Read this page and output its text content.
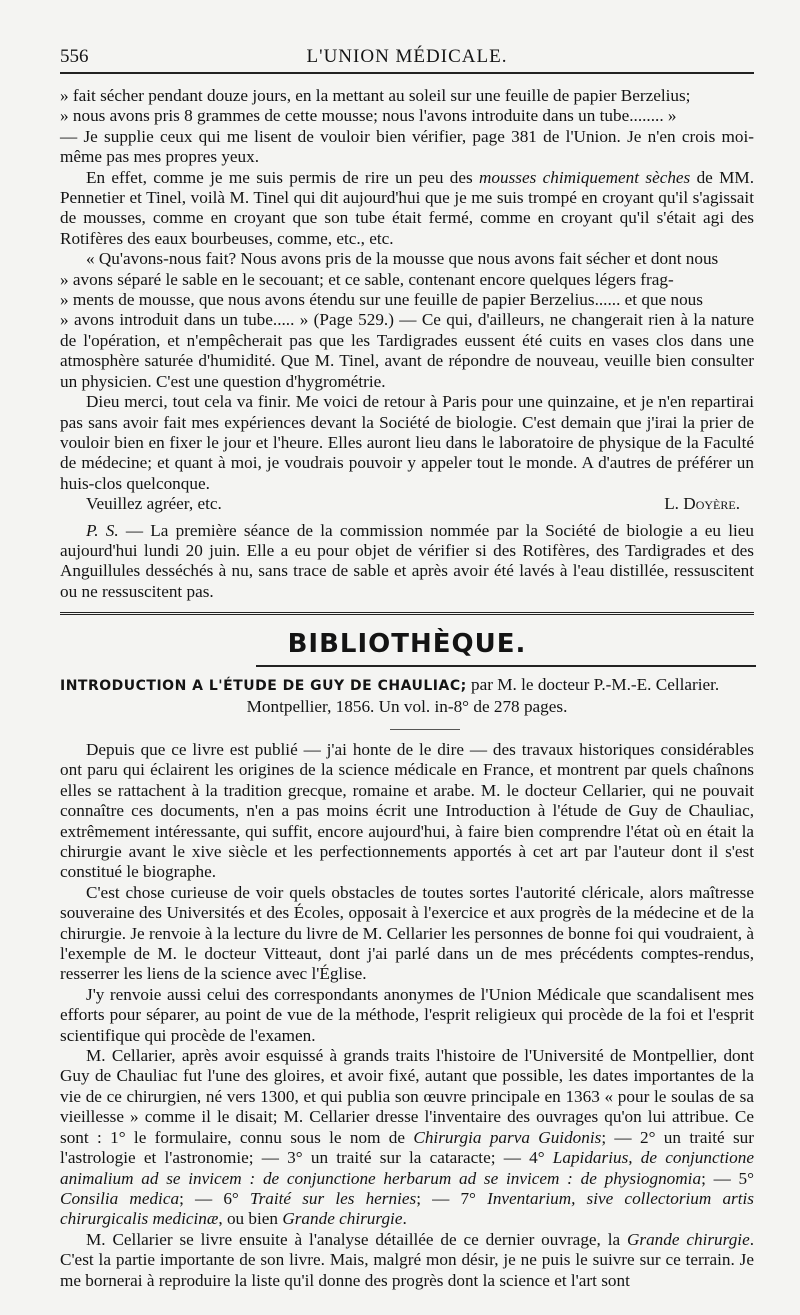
556	L'UNION MÉDICALE.

» fait sécher pendant douze jours, en la mettant au soleil sur une feuille de papier Berzelius;

» nous avons pris 8 grammes de cette mousse; nous l'avons introduite dans un tube........ »

— Je supplie ceux qui me lisent de vouloir bien vérifier, page 381 de l'Union. Je n'en crois moi-même pas mes propres yeux.

En effet, comme je me suis permis de rire un peu des mousses chimiquement sèches de MM. Pennetier et Tinel, voilà M. Tinel qui dit aujourd'hui que je me suis trompé en croyant qu'il s'agissait de mousses, comme en croyant que son tube était fermé, comme en croyant qu'il s'était agi des Rotifères des eaux bourbeuses, comme, etc., etc.

« Qu'avons-nous fait? Nous avons pris de la mousse que nous avons fait sécher et dont nous

» avons séparé le sable en le secouant; et ce sable, contenant encore quelques légers frag-

» ments de mousse, que nous avons étendu sur une feuille de papier Berzelius...... et que nous

» avons introduit dans un tube..... » (Page 529.) — Ce qui, d'ailleurs, ne changerait rien à la nature de l'opération, et n'empêcherait pas que les Tardigrades eussent été cuits en vases clos dans une atmosphère saturée d'humidité. Que M. Tinel, avant de répondre de nouveau, veuille bien consulter un physicien. C'est une question d'hygrométrie.

Dieu merci, tout cela va finir. Me voici de retour à Paris pour une quinzaine, et je n'en repartirai pas sans avoir fait mes expériences devant la Société de biologie. C'est demain que j'irai la prier de vouloir bien en fixer le jour et l'heure. Elles auront lieu dans le laboratoire de physique de la Faculté de médecine; et quant à moi, je voudrais pouvoir y appeler tout le monde. A d'autres de préférer un huis-clos quelconque.

Veuillez agréer, etc.	L. Doyère.

P. S. — La première séance de la commission nommée par la Société de biologie a eu lieu aujourd'hui lundi 20 juin. Elle a eu pour objet de vérifier si des Rotifères, des Tardigrades et des Anguillules desséchés à nu, sans trace de sable et après avoir été lavés à l'eau distillée, ressuscitent ou ne ressuscitent pas.

BIBLIOTHÈQUE.

INTRODUCTION A L'ÉTUDE DE GUY DE CHAULIAC; par M. le docteur P.-M.-E. Cellarier.

Montpellier, 1856. Un vol. in-8° de 278 pages.

Depuis que ce livre est publié — j'ai honte de le dire — des travaux historiques considérables ont paru qui éclairent les origines de la science médicale en France, et montrent par quels chaînons elles se rattachent à la tradition grecque, romaine et arabe. M. le docteur Cellarier, qui ne pouvait connaître ces documents, n'en a pas moins écrit une Introduction à l'étude de Guy de Chauliac, extrêmement intéressante, qui suffit, encore aujourd'hui, à faire bien comprendre l'état où en était la chirurgie avant le xive siècle et les perfectionnements apportés à cet art par l'auteur dont il s'est constitué le biographe.

C'est chose curieuse de voir quels obstacles de toutes sortes l'autorité cléricale, alors maîtresse souveraine des Universités et des Écoles, opposait à l'exercice et aux progrès de la médecine et de la chirurgie. Je renvoie à la lecture du livre de M. Cellarier les personnes de bonne foi qui voudraient, à l'exemple de M. le docteur Vitteaut, dont j'ai parlé dans un de mes précédents comptes-rendus, resserrer les liens de la science avec l'Église.

J'y renvoie aussi celui des correspondants anonymes de l'Union Médicale que scandalisent mes efforts pour séparer, au point de vue de la méthode, l'esprit religieux qui procède de la foi et l'esprit scientifique qui procède de l'examen.

M. Cellarier, après avoir esquissé à grands traits l'histoire de l'Université de Montpellier, dont Guy de Chauliac fut l'une des gloires, et avoir fixé, autant que possible, les dates importantes de la vie de ce chirurgien, né vers 1300, et qui publia son œuvre principale en 1363 « pour le soulas de sa vieillesse » comme il le disait; M. Cellarier dresse l'inventaire des ouvrages qu'on lui attribue. Ce sont : 1° le formulaire, connu sous le nom de Chirurgia parva Guidonis; — 2° un traité sur l'astrologie et l'astronomie; — 3° un traité sur la cataracte; — 4° Lapidarius, de conjunctione animalium ad se invicem : de conjunctione herbarum ad se invicem : de physiognomia; — 5° Consilia medica; — 6° Traité sur les hernies; — 7° Inventarium, sive collectorium artis chirurgicalis medicinæ, ou bien Grande chirurgie.

M. Cellarier se livre ensuite à l'analyse détaillée de ce dernier ouvrage, la Grande chirurgie. C'est la partie importante de son livre. Mais, malgré mon désir, je ne puis le suivre sur ce terrain. Je me bornerai à reproduire la liste qu'il donne des progrès dont la science et l'art sont
